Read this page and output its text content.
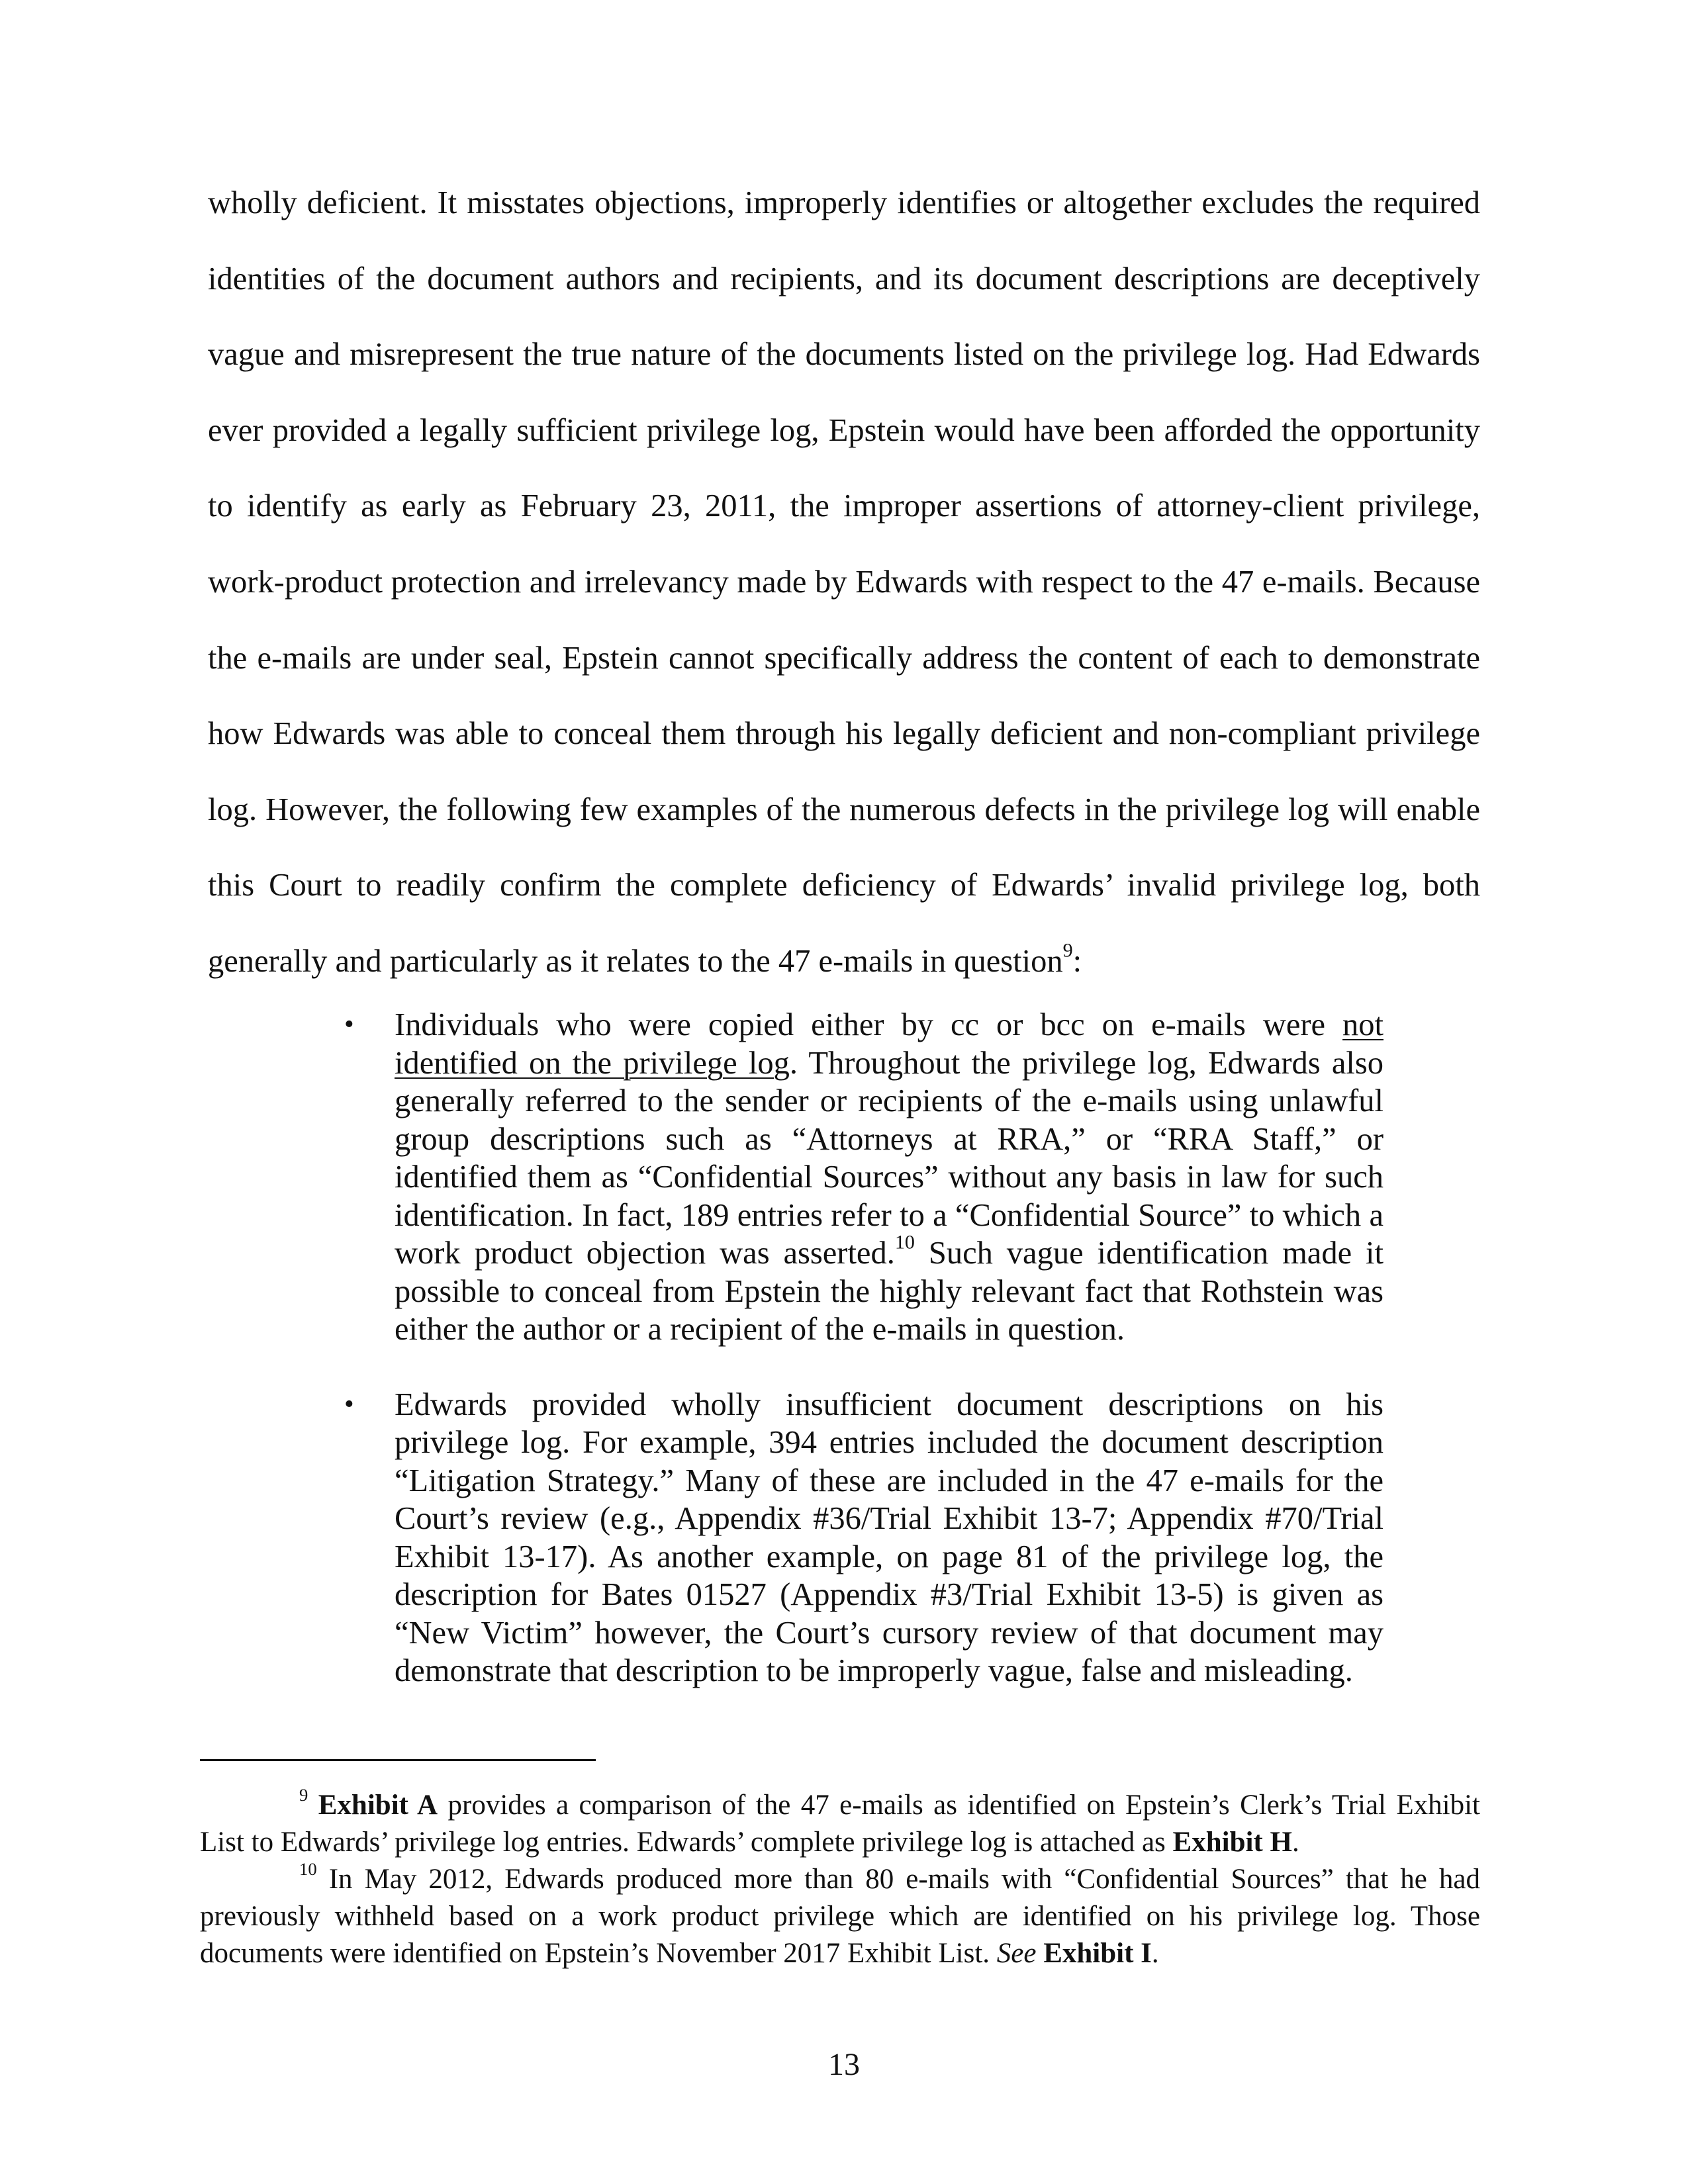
wholly deficient. It misstates objections, improperly identifies or altogether excludes the required identities of the document authors and recipients, and its document descriptions are deceptively vague and misrepresent the true nature of the documents listed on the privilege log. Had Edwards ever provided a legally sufficient privilege log, Epstein would have been afforded the opportunity to identify as early as February 23, 2011, the improper assertions of attorney-client privilege, work-product protection and irrelevancy made by Edwards with respect to the 47 e-mails. Because the e-mails are under seal, Epstein cannot specifically address the content of each to demonstrate how Edwards was able to conceal them through his legally deficient and non-compliant privilege log. However, the following few examples of the numerous defects in the privilege log will enable this Court to readily confirm the complete deficiency of Edwards’ invalid privilege log, both generally and particularly as it relates to the 47 e-mails in question$^9$:

•	Individuals who were copied either by cc or bcc on e-mails were not identified on the privilege log. Throughout the privilege log, Edwards also generally referred to the sender or recipients of the e-mails using unlawful group descriptions such as “Attorneys at RRA,” or “RRA Staff,” or identified them as “Confidential Sources” without any basis in law for such identification. In fact, 189 entries refer to a “Confidential Source” to which a work product objection was asserted.$^{10}$ Such vague identification made it possible to conceal from Epstein the highly relevant fact that Rothstein was either the author or a recipient of the e-mails in question.
•	Edwards provided wholly insufficient document descriptions on his privilege log. For example, 394 entries included the document description “Litigation Strategy.” Many of these are included in the 47 e-mails for the Court’s review (e.g., Appendix #36/Trial Exhibit 13-7; Appendix #70/Trial Exhibit 13-17). As another example, on page 81 of the privilege log, the description for Bates 01527 (Appendix #3/Trial Exhibit 13-5) is given as “New Victim” however, the Court’s cursory review of that document may demonstrate that description to be improperly vague, false and misleading.

$^9$ Exhibit A provides a comparison of the 47 e-mails as identified on Epstein’s Clerk’s Trial Exhibit List to Edwards’ privilege log entries. Edwards’ complete privilege log is attached as Exhibit H.

$^{10}$ In May 2012, Edwards produced more than 80 e-mails with “Confidential Sources” that he had previously withheld based on a work product privilege which are identified on his privilege log. Those documents were identified on Epstein’s November 2017 Exhibit List. See Exhibit I.

13
